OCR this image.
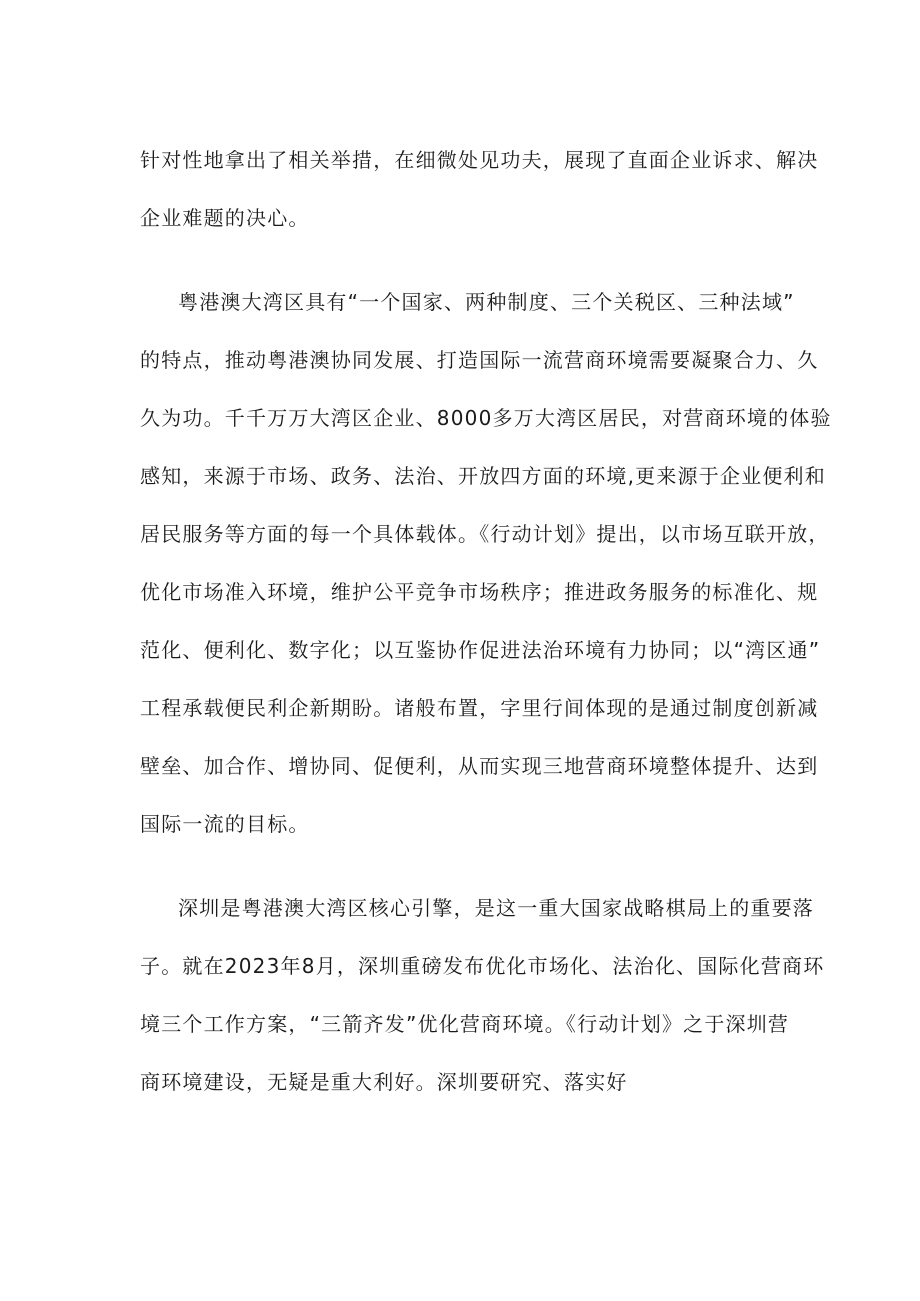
针对性地拿出了相关举措，在细微处见功夫，展现了直面企业诉求、解决
企业难题的决心。
粤港澳大湾区具有“一个国家、两种制度、三个关税区、三种法域”
的特点，推动粤港澳协同发展、打造国际一流营商环境需要凝聚合力、久
久为功。千千万万大湾区企业、8000多万大湾区居民，对营商环境的体验
感知，来源于市场、政务、法治、开放四方面的环境,更来源于企业便利和
居民服务等方面的每一个具体载体。《行动计划》提出，以市场互联开放，
优化市场准入环境，维护公平竞争市场秩序；推进政务服务的标准化、规
范化、便利化、数字化；以互鉴协作促进法治环境有力协同；以“湾区通”
工程承载便民利企新期盼。诸般布置，字里行间体现的是通过制度创新减
壁垒、加合作、增协同、促便利，从而实现三地营商环境整体提升、达到
国际一流的目标。
深圳是粤港澳大湾区核心引擎，是这一重大国家战略棋局上的重要落
子。就在2023年8月，深圳重磅发布优化市场化、法治化、国际化营商环
境三个工作方案，“三箭齐发”优化营商环境。《行动计划》之于深圳营
商环境建设，无疑是重大利好。深圳要研究、落实好
